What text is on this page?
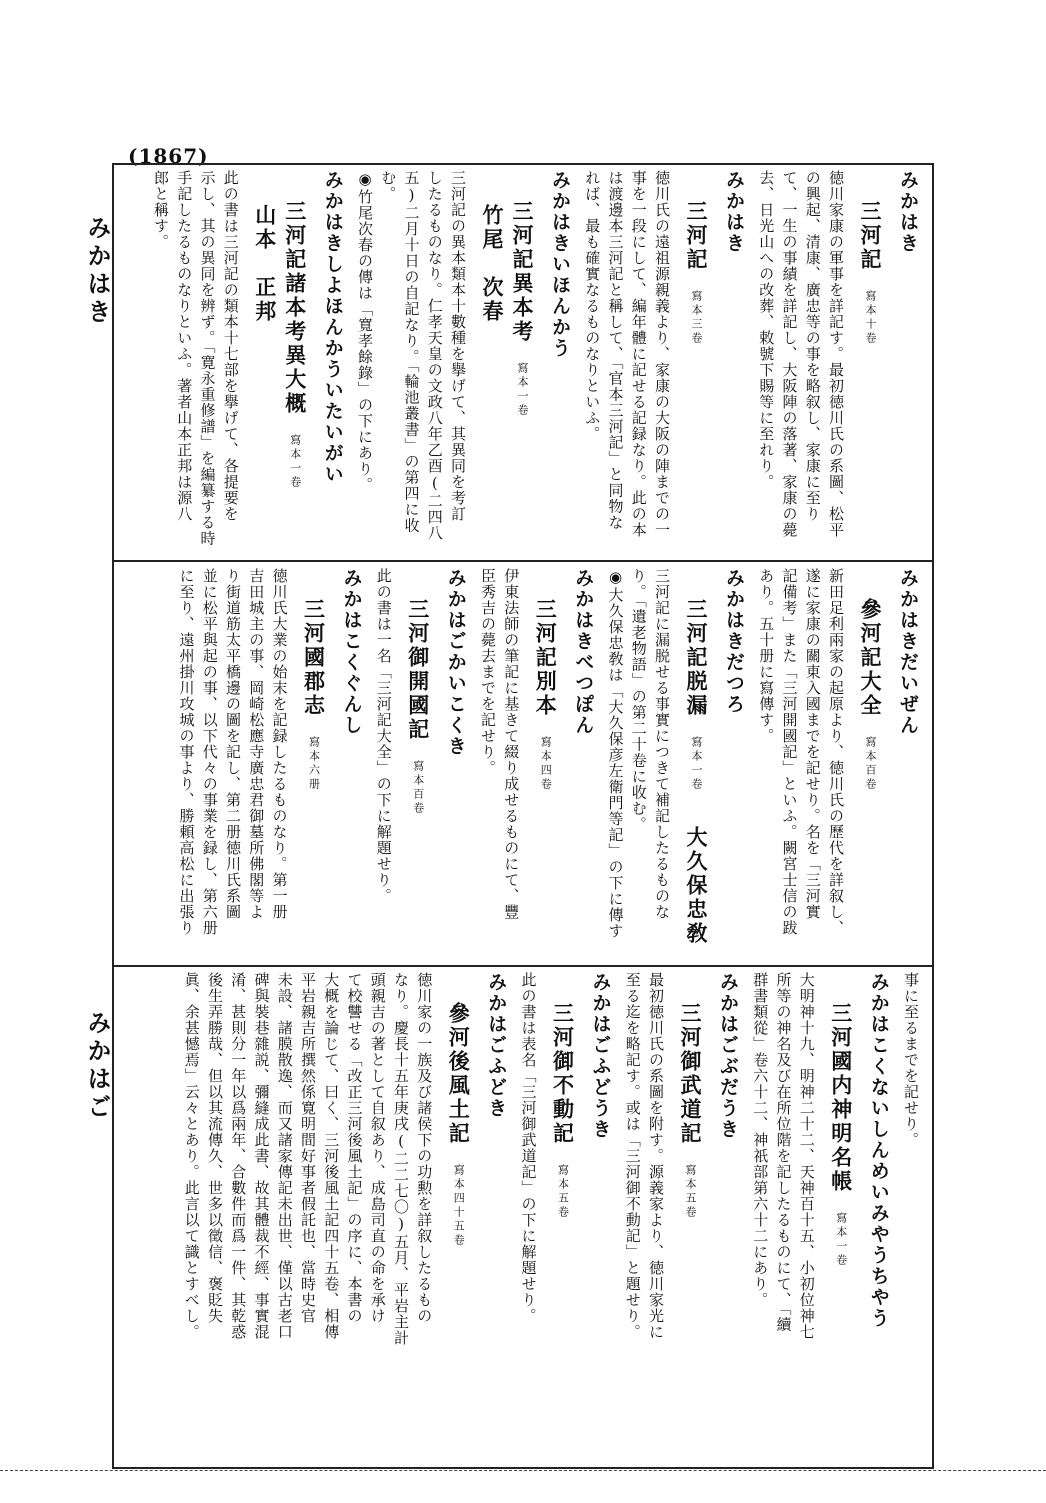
(1867)
みかはき
みかはご
みかはき
三河記寫本十卷
徳川家康の軍事を詳記す。最初徳川氏の系圖、松平
の興起、清康、廣忠等の事を略叙し、家康に至り
て、一生の事績を詳記し、大阪陣の落著、家康の薨
去、日光山への改葬、敕號下賜等に至れり。
みかはき
三河記寫本三卷
徳川氏の遠祖源親義より、家康の大阪の陣までの一
事を一段にして、編年體に記せる記録なり。此の本
は渡邊本三河記と稱して、「官本三河記」と同物な
れば、最も確實なるものなりといふ。
みかはきいほんかう
三河記異本考寫本一卷竹尾　次春
三河記の異本類本十數種を擧げて、其異同を考訂
したるものなり。仁孝天皇の文政八年乙酉(二四八
五)二月十日の自記なり。「輪池叢書」の第四に收
む。
◉竹尾次春の傳は「寬孝餘錄」の下にあり。
みかはきしよほんかういたいがい
三河記諸本考異大概寫本一卷山本　正邦
此の書は三河記の類本十七部を擧げて、各提要を
示し、其の異同を辨ず。「寛永重修譜」を編纂する時
手記したるものなりといふ。著者山本正邦は源八
郎と稱す。
みかはきだいぜん
參河記大全寫本百卷
新田足利兩家の起原より、徳川氏の歷代を詳叙し、
遂に家康の關東入國までを記せり。名を「三河實
記備考」また「三河開國記」といふ。闕宮士信の跋
あり。五十册に寫傳す。
みかはきだつろ
三河記脱漏寫本一卷大久保忠敎
三河記に漏脱せる事實につきて補記したるものな
り。「遺老物語」の第二十卷に收む。
◉大久保忠敎は「大久保彦左衛門等記」の下に傳す
みかはきべつぽん
三河記別本寫本四卷
伊東法師の筆記に基きて綴り成せるものにて、豐
臣秀吉の薨去までを記せり。
みかはごかいこくき
三河御開國記寫本百卷
此の書は一名「三河記大全」の下に解題せり。
みかはこくぐんし
三河國郡志寫本六册
徳川氏大業の始末を記録したるものなり。第一册
吉田城主の事、岡崎松應寺廣忠君御墓所佛閣等よ
り街道筋太平橋邊の圖を記し、第二册徳川氏系圖
並に松平與起の事、以下代々の事業を録し、第六册
に至り、遠州掛川攻城の事より、勝頼高松に出張り
事に至るまでを記せり。
みかはこくないしんめいみやうちやう
三河國内神明名帳寫本一卷
大明神十九、明神二十二、天神百十五、小初位神七
所等の神名及び在所位階を記したるものにて、「續
群書類從」卷六十二、神祇部第六十二にあり。
みかはごぶだうき
三河御武道記寫本五卷
最初徳川氏の系圖を附す。源義家より、徳川家光に
至る迄を略記す。或は「三河御不動記」と題せり。
みかはごふどうき
三河御不動記寫本五卷
此の書は表名「三河御武道記」の下に解題せり。
みかはごふどき
參河後風土記寫本四十五卷
徳川家の一族及び諸侯下の功勲を詳叙したるもの
なり。慶長十五年庚戌(二二七〇)五月、平岩主計
頭親吉の著として自叙あり、成島司直の命を承け
て校讐せる「改正三河後風土記」の序に、本書の
大概を論じて、曰く、三河後風土記四十五卷、相傳
平岩親吉所撰然係寛明間好事者假託也、當時史官
未設、諸膜散逸、而又諸家傳記未出世、僅以古老口
碑與裝巷雜説、彌縫成此書、故其體裁不經、事實混
淆、甚則分一年以爲兩年、合數件而爲一件、其乾惑
後生弄勝哉、但以其流傳久、世多以徵信、褒貶失
眞、余甚憾焉」云々とあり。此言以て識とすべし。
